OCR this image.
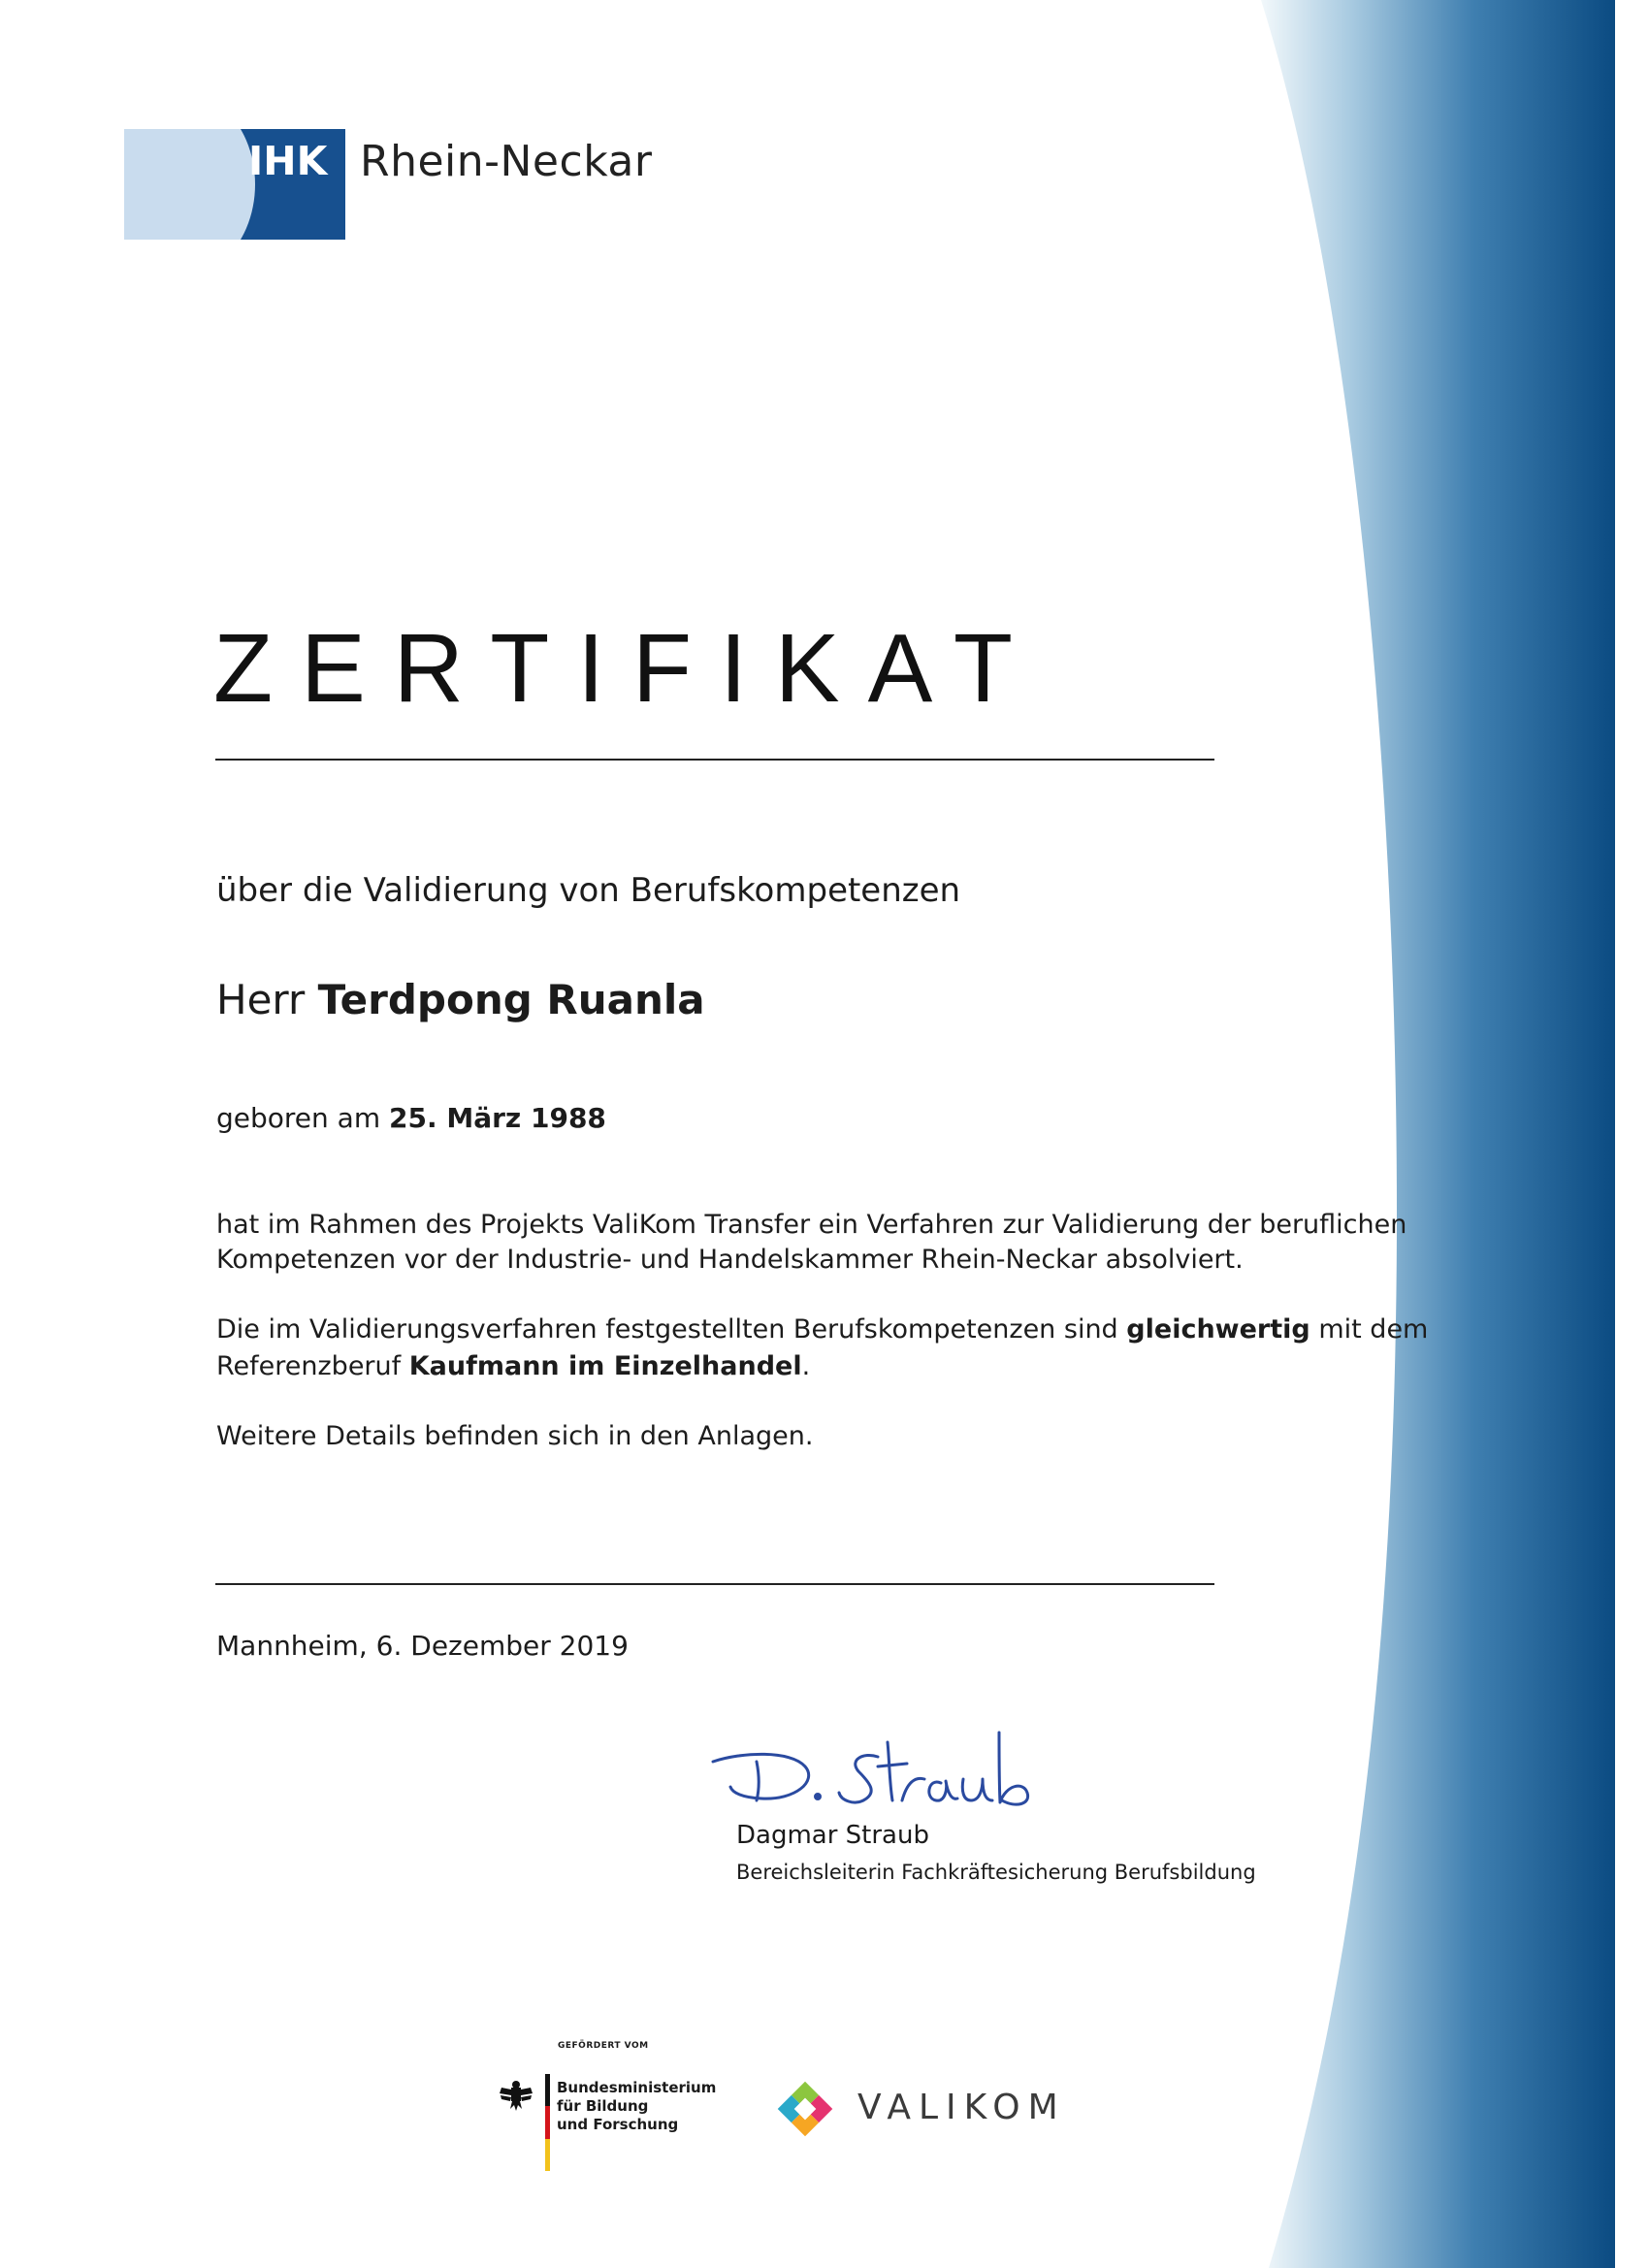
IHK Rhein-Neckar
ZERTIFIKAT
über die Validierung von Berufskompetenzen
Herr Terdpong Ruanla
geboren am 25. März 1988
hat im Rahmen des Projekts ValiKom Transfer ein Verfahren zur Validierung der beruflichen
Kompetenzen vor der Industrie- und Handelskammer Rhein-Neckar absolviert.
Die im Validierungsverfahren festgestellten Berufskompetenzen sind gleichwertig mit dem
Referenzberuf Kaufmann im Einzelhandel.
Weitere Details befinden sich in den Anlagen.
Mannheim, 6. Dezember 2019
Dagmar Straub
Bereichsleiterin Fachkräftesicherung Berufsbildung
GEFÖRDERT VOM
Bundesministerium
für Bildung
und Forschung	VALIKOM
